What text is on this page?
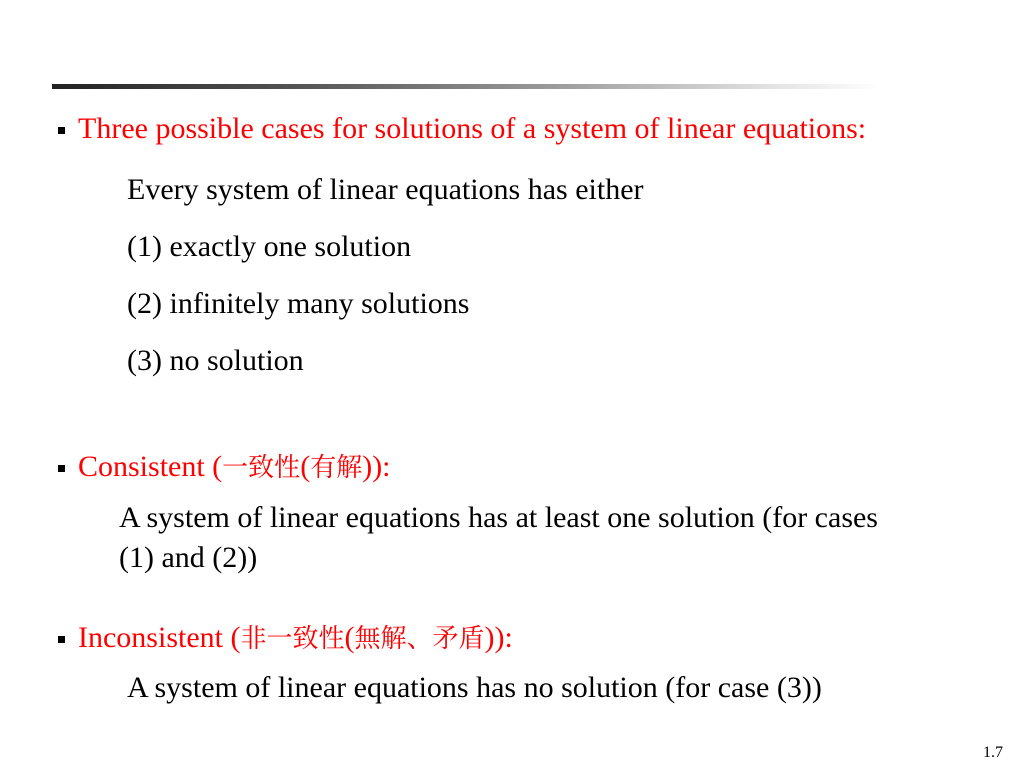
Three possible cases for solutions of a system of linear equations:
Every system of linear equations has either
(1) exactly one solution
(2) infinitely many solutions
(3) no solution
Consistent (一致性(有解)):
A system of linear equations has at least one solution (for cases (1) and (2))
Inconsistent (非一致性(無解、矛盾)):
A system of linear equations has no solution (for case (3))
1.7
